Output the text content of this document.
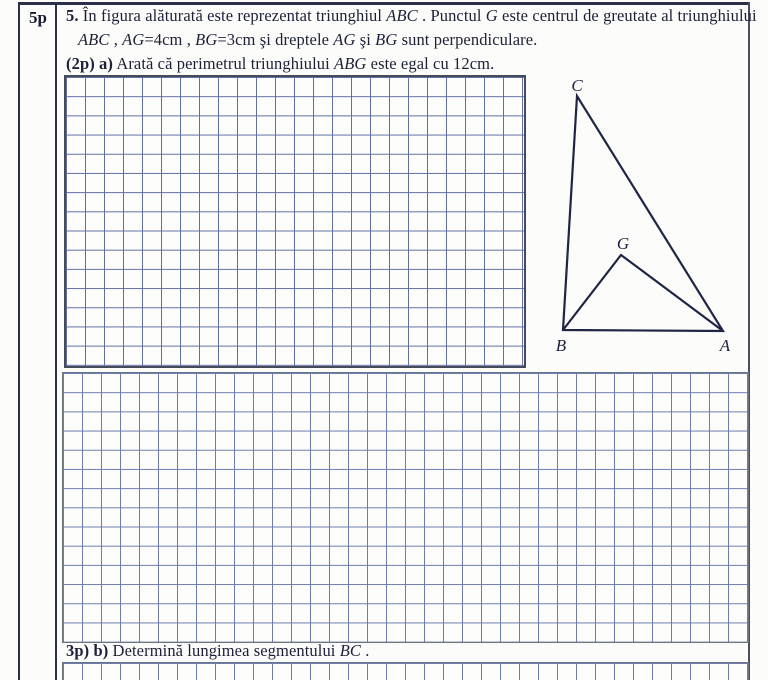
5p	5. În figura alăturată este reprezentat triunghiul ABC . Punctul G este centrul de greutate al triunghiului
ABC , AG=4cm , BG=3cm şi dreptele AG şi BG sunt perpendiculare.
(2p) a) Arată că perimetrul triunghiului ABG este egal cu 12cm.
C
G
B	A
3p) b) Determină lungimea segmentului BC .
